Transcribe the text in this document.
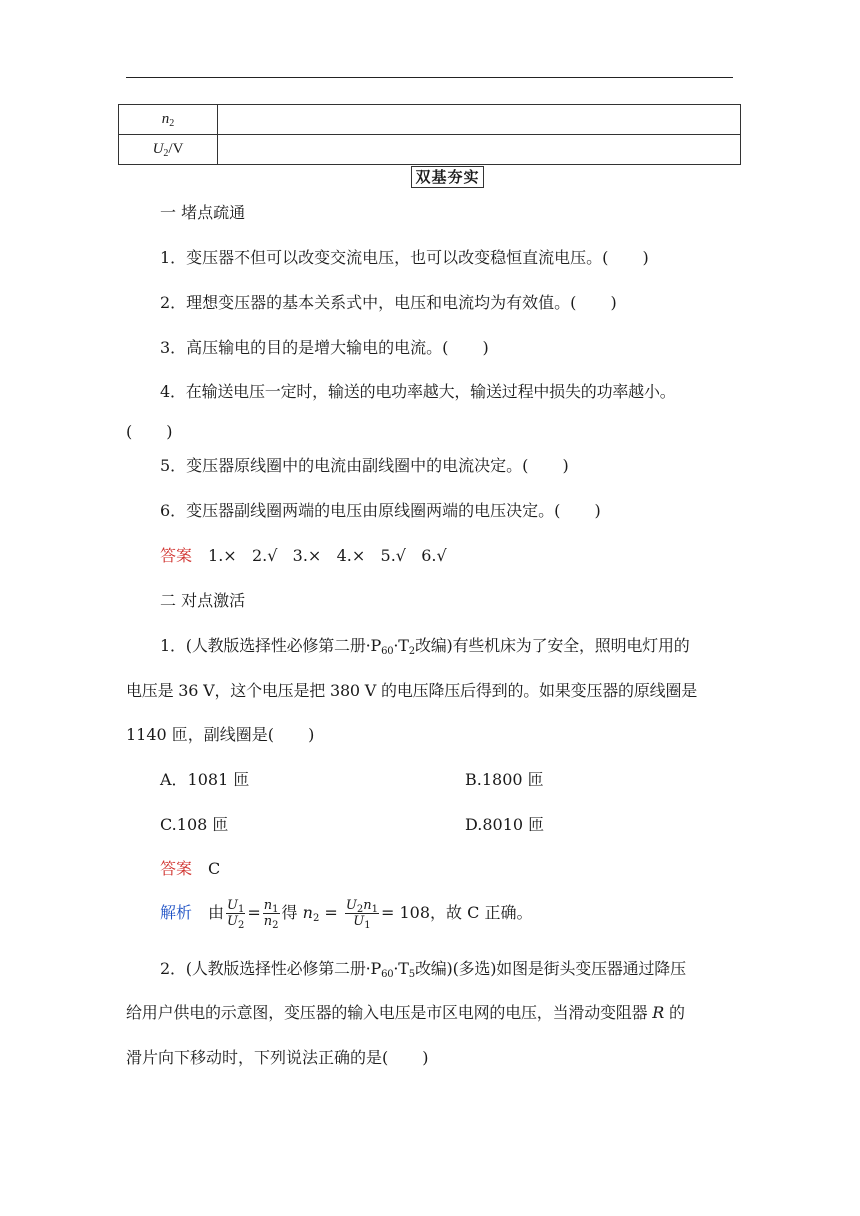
$n_2$	
$U_2/V$	
双基夯实
一 堵点疏通
1．变压器不但可以改变交流电压，也可以改变稳恒直流电压。( )
2．理想变压器的基本关系式中，电压和电流均为有效值。( )
3．高压输电的目的是增大输电的电流。( )
4．在输送电压一定时，输送的电功率越大，输送过程中损失的功率越小。
( )
5．变压器原线圈中的电流由副线圈中的电流决定。( )
6．变压器副线圈两端的电压由原线圈两端的电压决定。( )
答案 1.×   2.√   3.×   4.×   5.√   6.√
二 对点激活
1．(人教版选择性必修第二册$\cdot P_{60}\cdot T_2$改编)有些机床为了安全，照明电灯用的
电压是 36 V，这个电压是把 380 V 的电压降压后得到的。如果变压器的原线圈是
1140 匝，副线圈是( )
A．1081 匝	B.1800 匝
C.108 匝	D.8010 匝
答案 C
解析 由 $\frac{U_1}{U_2} = \frac{n_1}{n_2}$ 得 $n_2 = \frac{U_2n_1}{U_1} = 108$，故 C 正确。
2．(人教版选择性必修第二册$\cdot P_{60}\cdot T_5$改编)(多选)如图是街头变压器通过降压
给用户供电的示意图，变压器的输入电压是市区电网的电压，当滑动变阻器 R 的
滑片向下移动时，下列说法正确的是( )
